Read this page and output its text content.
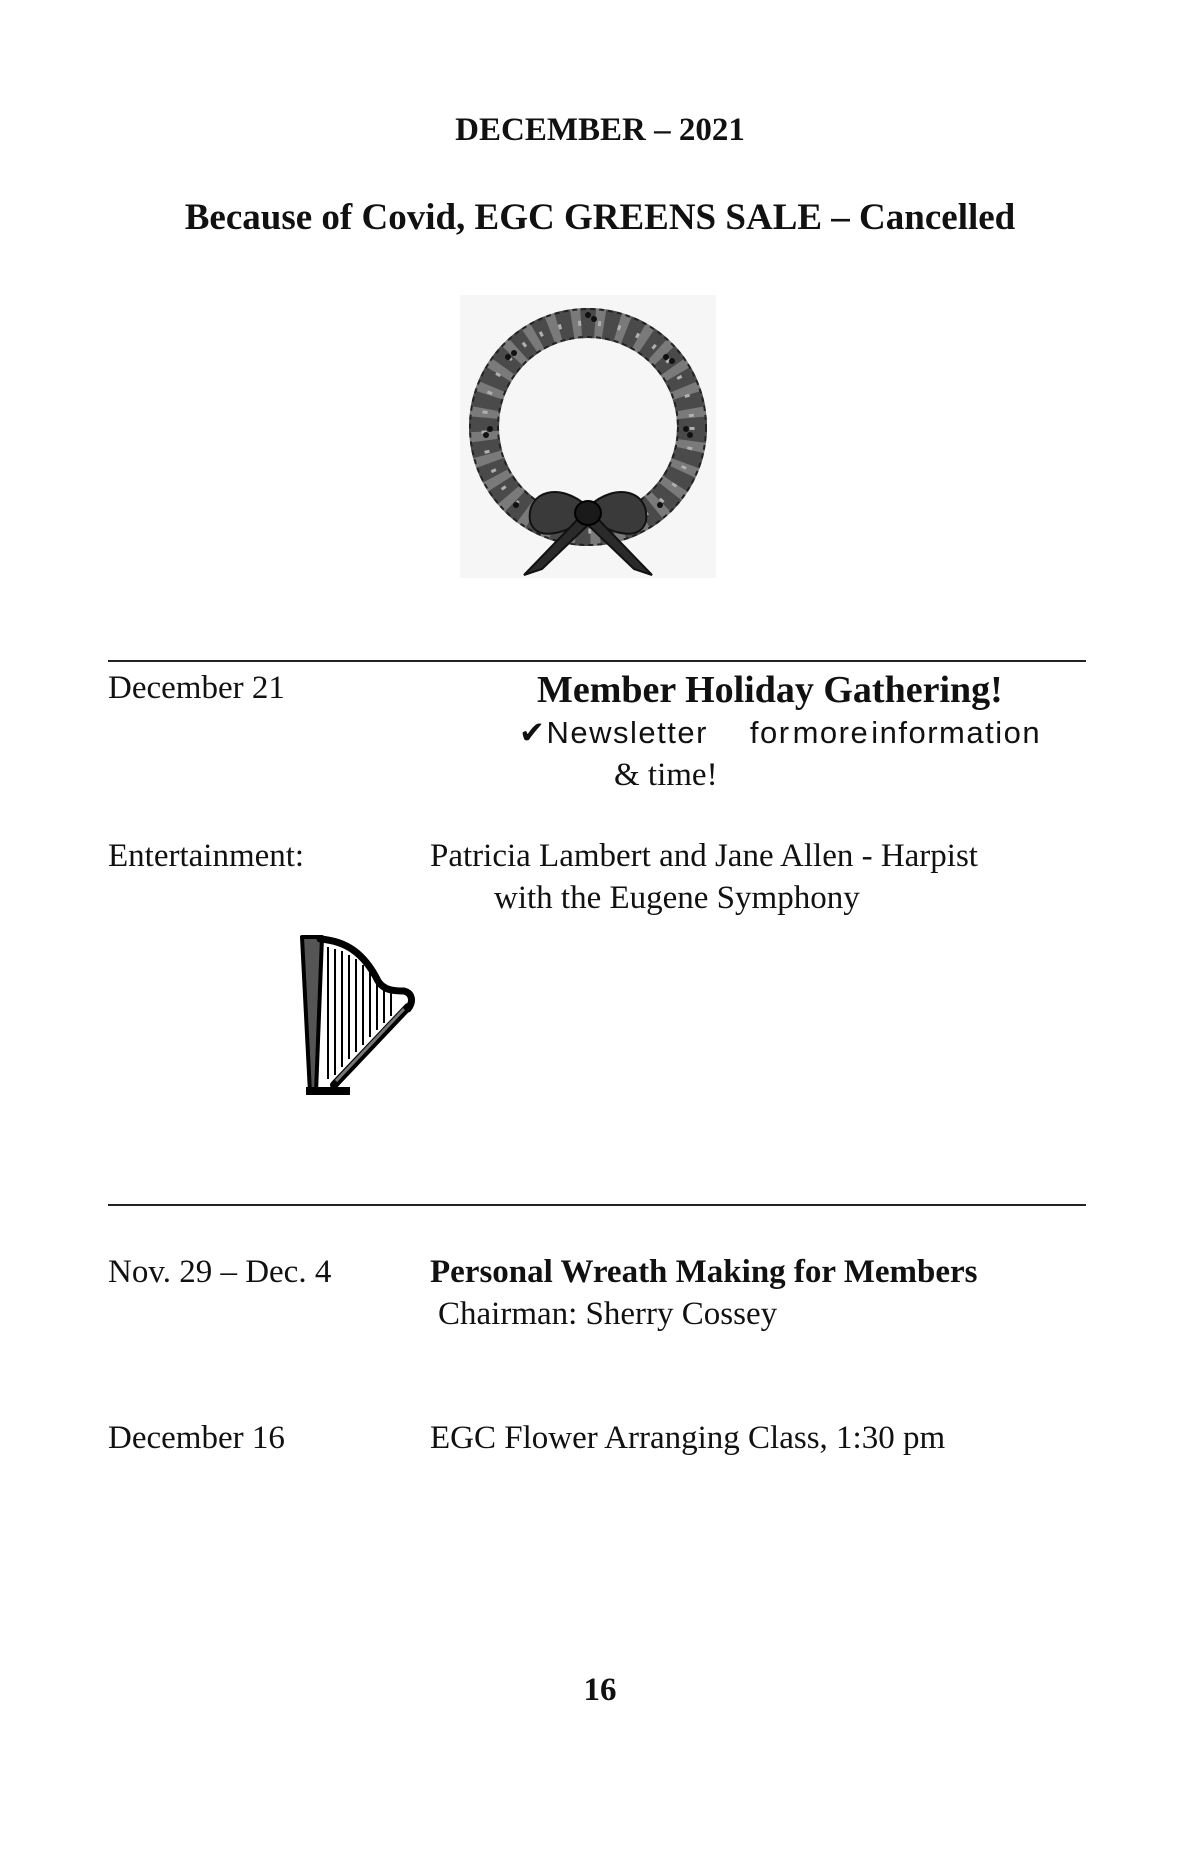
DECEMBER – 2021
Because of Covid, EGC GREENS SALE – Cancelled
December 21	Member Holiday Gathering!
✔Newsletter formoreinformation
& time!
Entertainment:	Patricia Lambert and Jane Allen - Harpist
with the Eugene Symphony
Nov. 29 – Dec. 4	Personal Wreath Making for Members
Chairman: Sherry Cossey
December 16	EGC Flower Arranging Class, 1:30 pm
16
